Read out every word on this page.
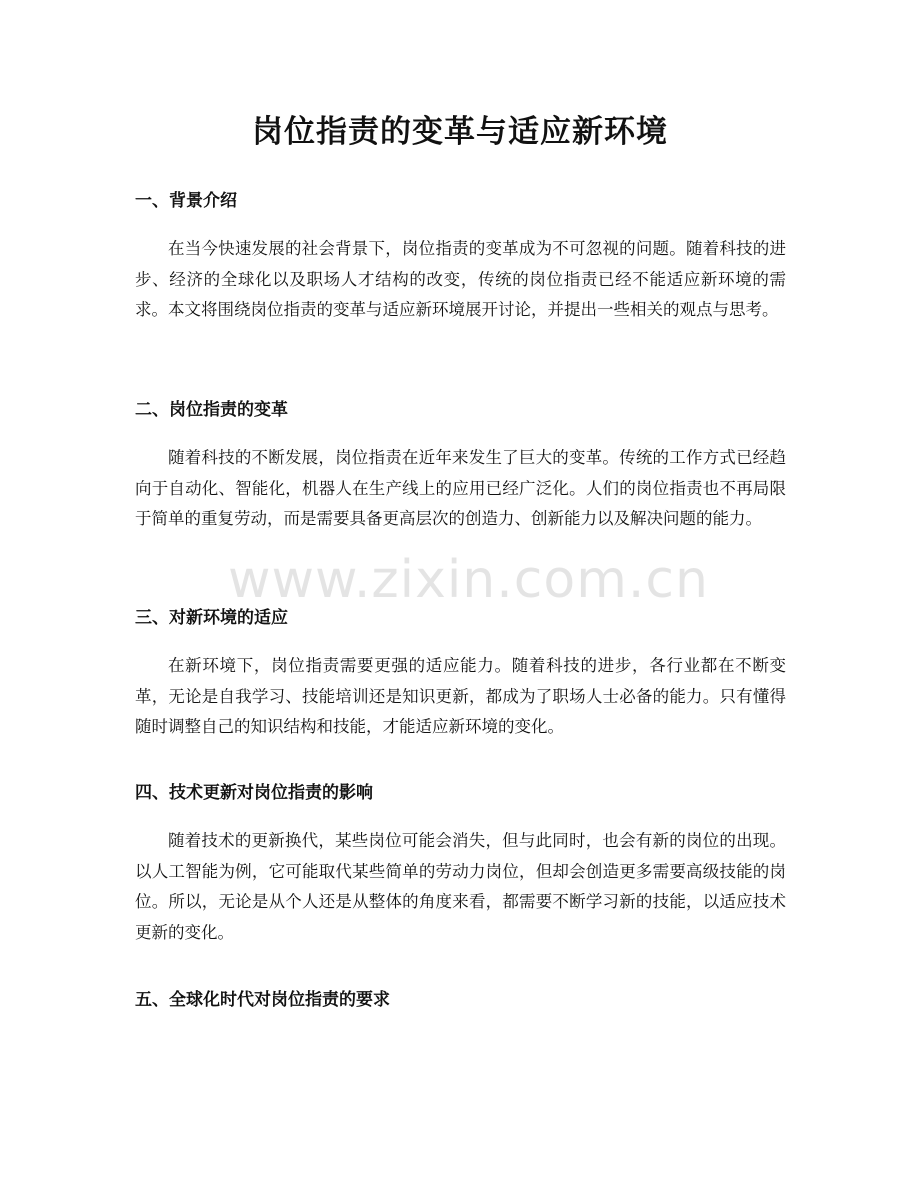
岗位指责的变革与适应新环境
一、背景介绍

在当今快速发展的社会背景下，岗位指责的变革成为不可忽视的问题。随着科技的进步、经济的全球化以及职场人才结构的改变，传统的岗位指责已经不能适应新环境的需求。本文将围绕岗位指责的变革与适应新环境展开讨论，并提出一些相关的观点与思考。

二、岗位指责的变革

随着科技的不断发展，岗位指责在近年来发生了巨大的变革。传统的工作方式已经趋向于自动化、智能化，机器人在生产线上的应用已经广泛化。人们的岗位指责也不再局限于简单的重复劳动，而是需要具备更高层次的创造力、创新能力以及解决问题的能力。

三、对新环境的适应

在新环境下，岗位指责需要更强的适应能力。随着科技的进步，各行业都在不断变革，无论是自我学习、技能培训还是知识更新，都成为了职场人士必备的能力。只有懂得随时调整自己的知识结构和技能，才能适应新环境的变化。

四、技术更新对岗位指责的影响

随着技术的更新换代，某些岗位可能会消失，但与此同时，也会有新的岗位的出现。以人工智能为例，它可能取代某些简单的劳动力岗位，但却会创造更多需要高级技能的岗位。所以，无论是从个人还是从整体的角度来看，都需要不断学习新的技能，以适应技术更新的变化。

五、全球化时代对岗位指责的要求
www.zixin.com.cn
